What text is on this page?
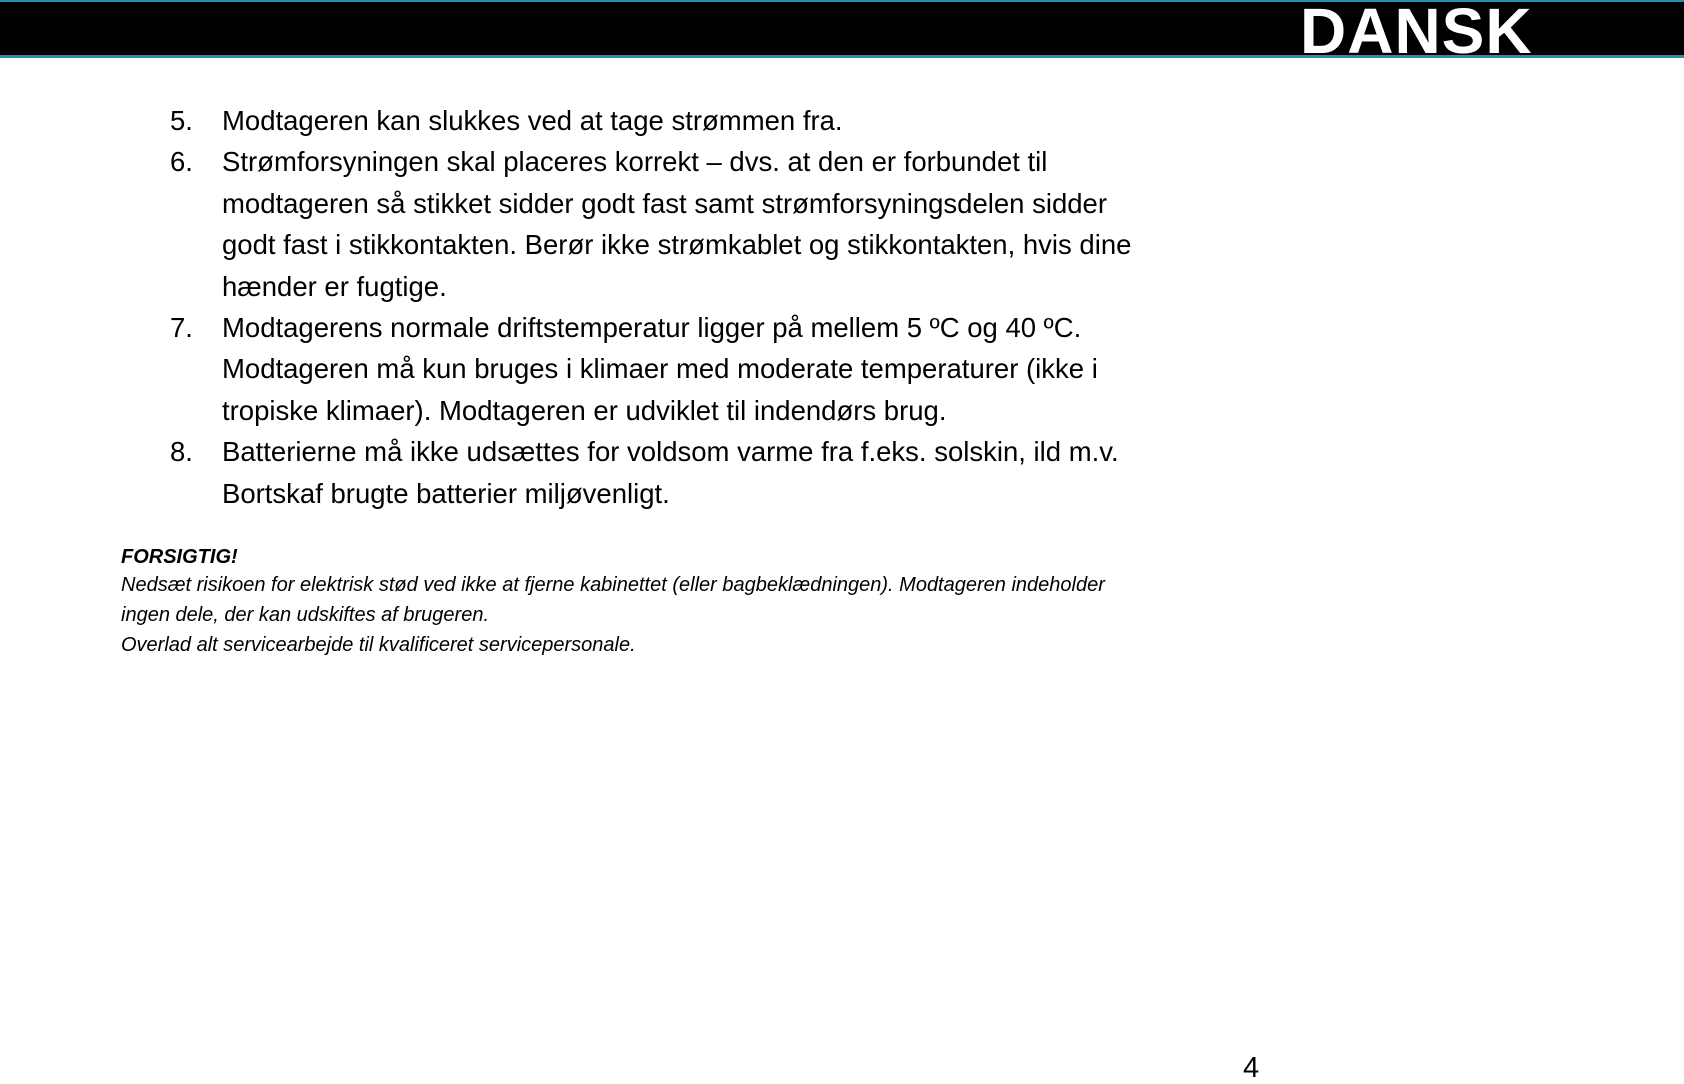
DANSK
5.	Modtageren kan slukkes ved at tage strømmen fra.
6.	Strømforsyningen skal placeres korrekt – dvs. at den er forbundet til
modtageren så stikket sidder godt fast samt strømforsyningsdelen sidder
godt fast i stikkontakten. Berør ikke strømkablet og stikkontakten, hvis dine
hænder er fugtige.
7.	Modtagerens normale driftstemperatur ligger på mellem 5 ºC og 40 ºC.
Modtageren må kun bruges i klimaer med moderate temperaturer (ikke i
tropiske klimaer). Modtageren er udviklet til indendørs brug.
8.	Batterierne må ikke udsættes for voldsom varme fra f.eks. solskin, ild m.v.
Bortskaf brugte batterier miljøvenligt.
FORSIGTIG!
Nedsæt risikoen for elektrisk stød ved ikke at fjerne kabinettet (eller bagbeklædningen). Modtageren indeholder
ingen dele, der kan udskiftes af brugeren.
Overlad alt servicearbejde til kvalificeret servicepersonale.
4
